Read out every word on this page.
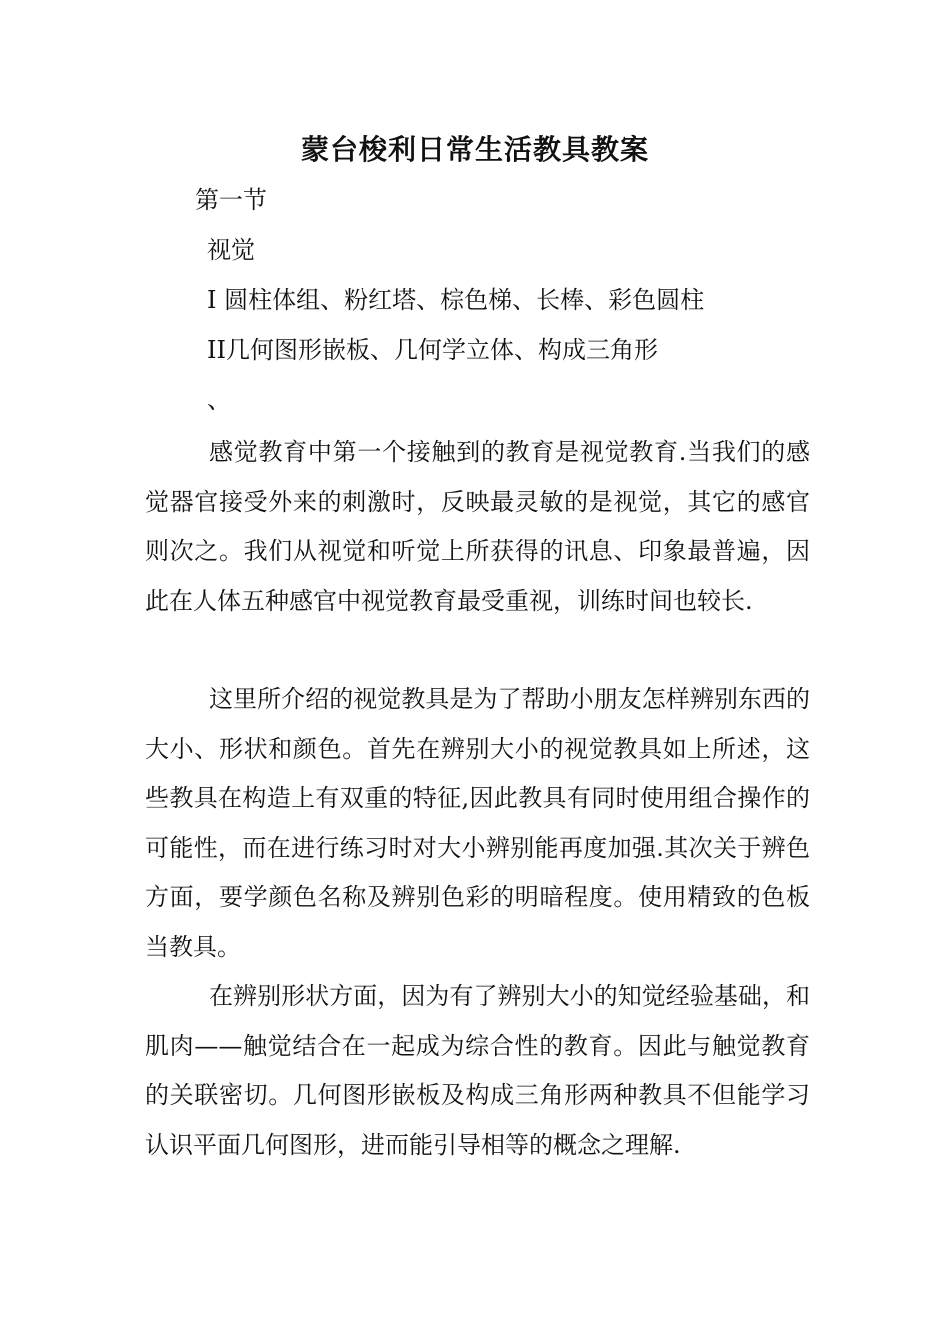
蒙台梭利日常生活教具教案
第一节
视觉
I 圆柱体组、粉红塔、棕色梯、长棒、彩色圆柱
II几何图形嵌板、几何学立体、构成三角形
、

感觉教育中第一个接触到的教育是视觉教育.当我们的感觉器官接受外来的刺激时，反映最灵敏的是视觉，其它的感官则次之。我们从视觉和听觉上所获得的讯息、印象最普遍，因此在人体五种感官中视觉教育最受重视，训练时间也较长.

这里所介绍的视觉教具是为了帮助小朋友怎样辨别东西的大小、形状和颜色。首先在辨别大小的视觉教具如上所述，这些教具在构造上有双重的特征,因此教具有同时使用组合操作的可能性，而在进行练习时对大小辨别能再度加强.其次关于辨色方面，要学颜色名称及辨别色彩的明暗程度。使用精致的色板当教具。

在辨别形状方面，因为有了辨别大小的知觉经验基础，和肌肉——触觉结合在一起成为综合性的教育。因此与触觉教育的关联密切。几何图形嵌板及构成三角形两种教具不但能学习认识平面几何图形，进而能引导相等的概念之理解.
